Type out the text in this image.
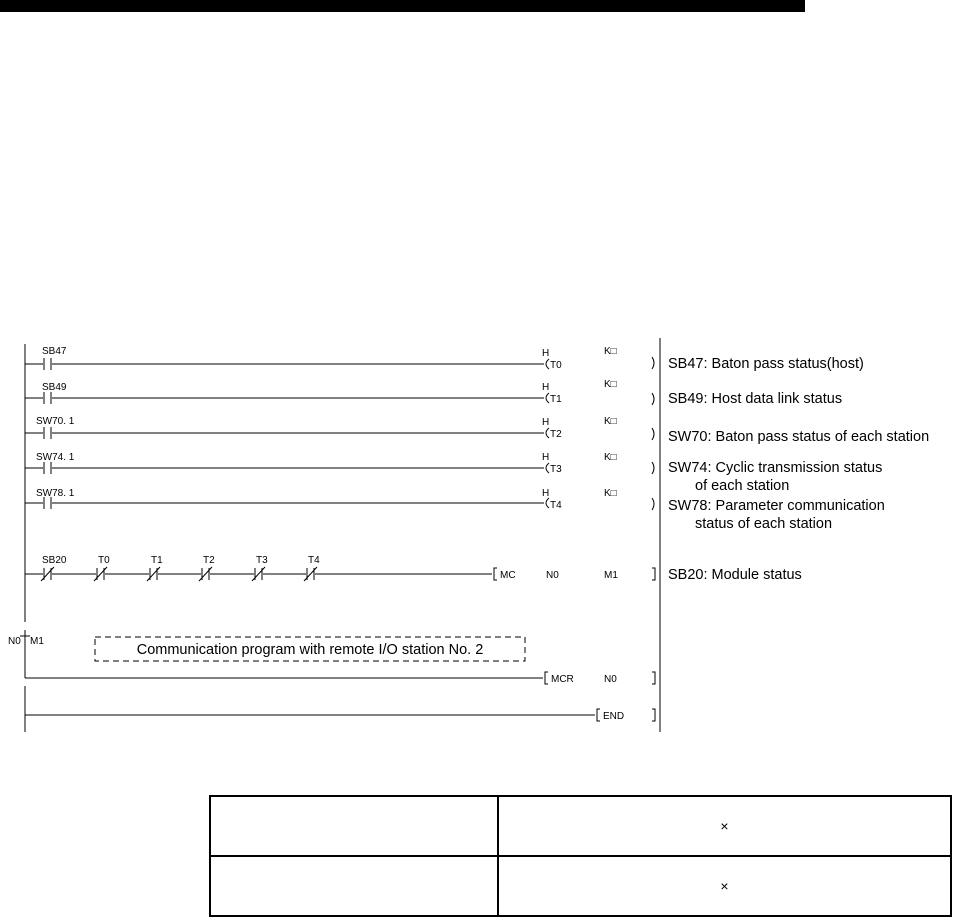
SB47	H
T0
K□
SB47: Baton pass status(host)
SB49	H
T1
K□
SB49: Host data link status
SW70. 1	H
T2
K□
SW70: Baton pass status of each station
SW74. 1	H
T3
K□
SW74: Cyclic transmission status
of each station
SW78. 1	H
T4
K□
SW78: Parameter communication
status of each station
SB20	T0	T1	T2	T3	T4
MC	N0	M1	SB20: Module status
N0 M1
Communication program with remote I/O station No. 2
MCR	N0
END
	×
	×
